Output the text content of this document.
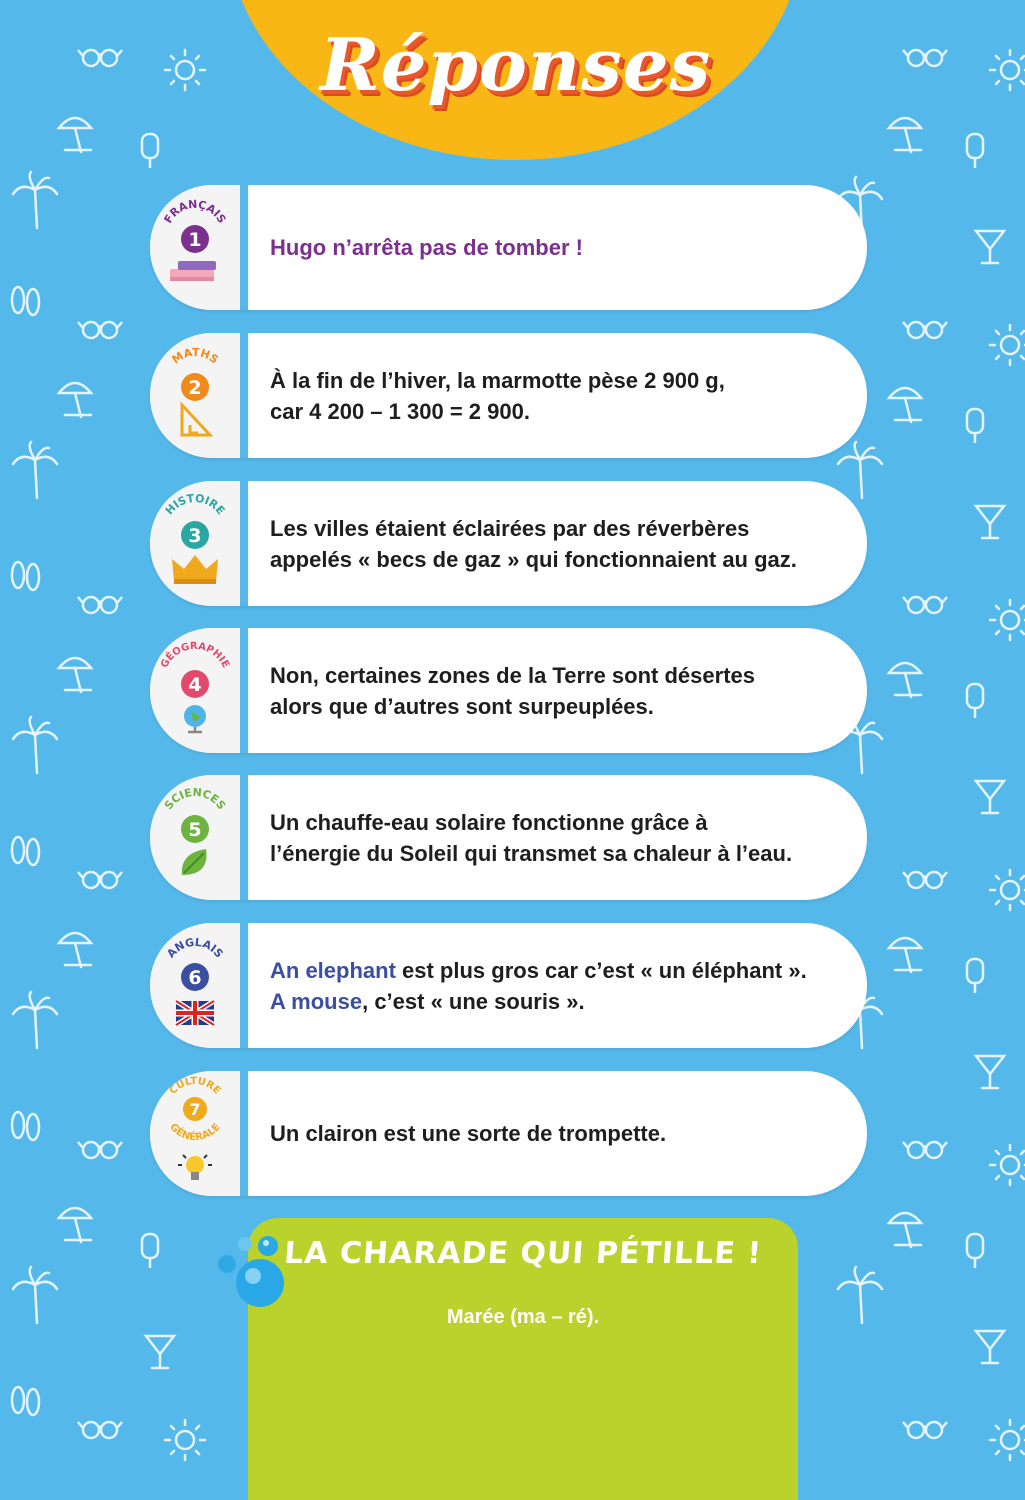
Réponses
FRANÇAIS
1	Hugo n’arrêta pas de tomber !
MATHS
2	À la fin de l’hiver, la marmotte pèse 2 900 g,
car 4 200 – 1 300 = 2 900.
HISTOIRE
3	Les villes étaient éclairées par des réverbères
appelés « becs de gaz » qui fonctionnaient au gaz.
GÉOGRAPHIE
4	Non, certaines zones de la Terre sont désertes
alors que d’autres sont surpeuplées.
SCIENCES
5	Un chauffe-eau solaire fonctionne grâce à
l’énergie du Soleil qui transmet sa chaleur à l’eau.
ANGLAIS
6	An elephant est plus gros car c’est « un éléphant ».
A mouse, c’est « une souris ».
CULTURE
7
GÉNÉRALE Un clairon est une sorte de trompette.
LA CHARADE QUI PÉTILLE !
Marée (ma – ré).
